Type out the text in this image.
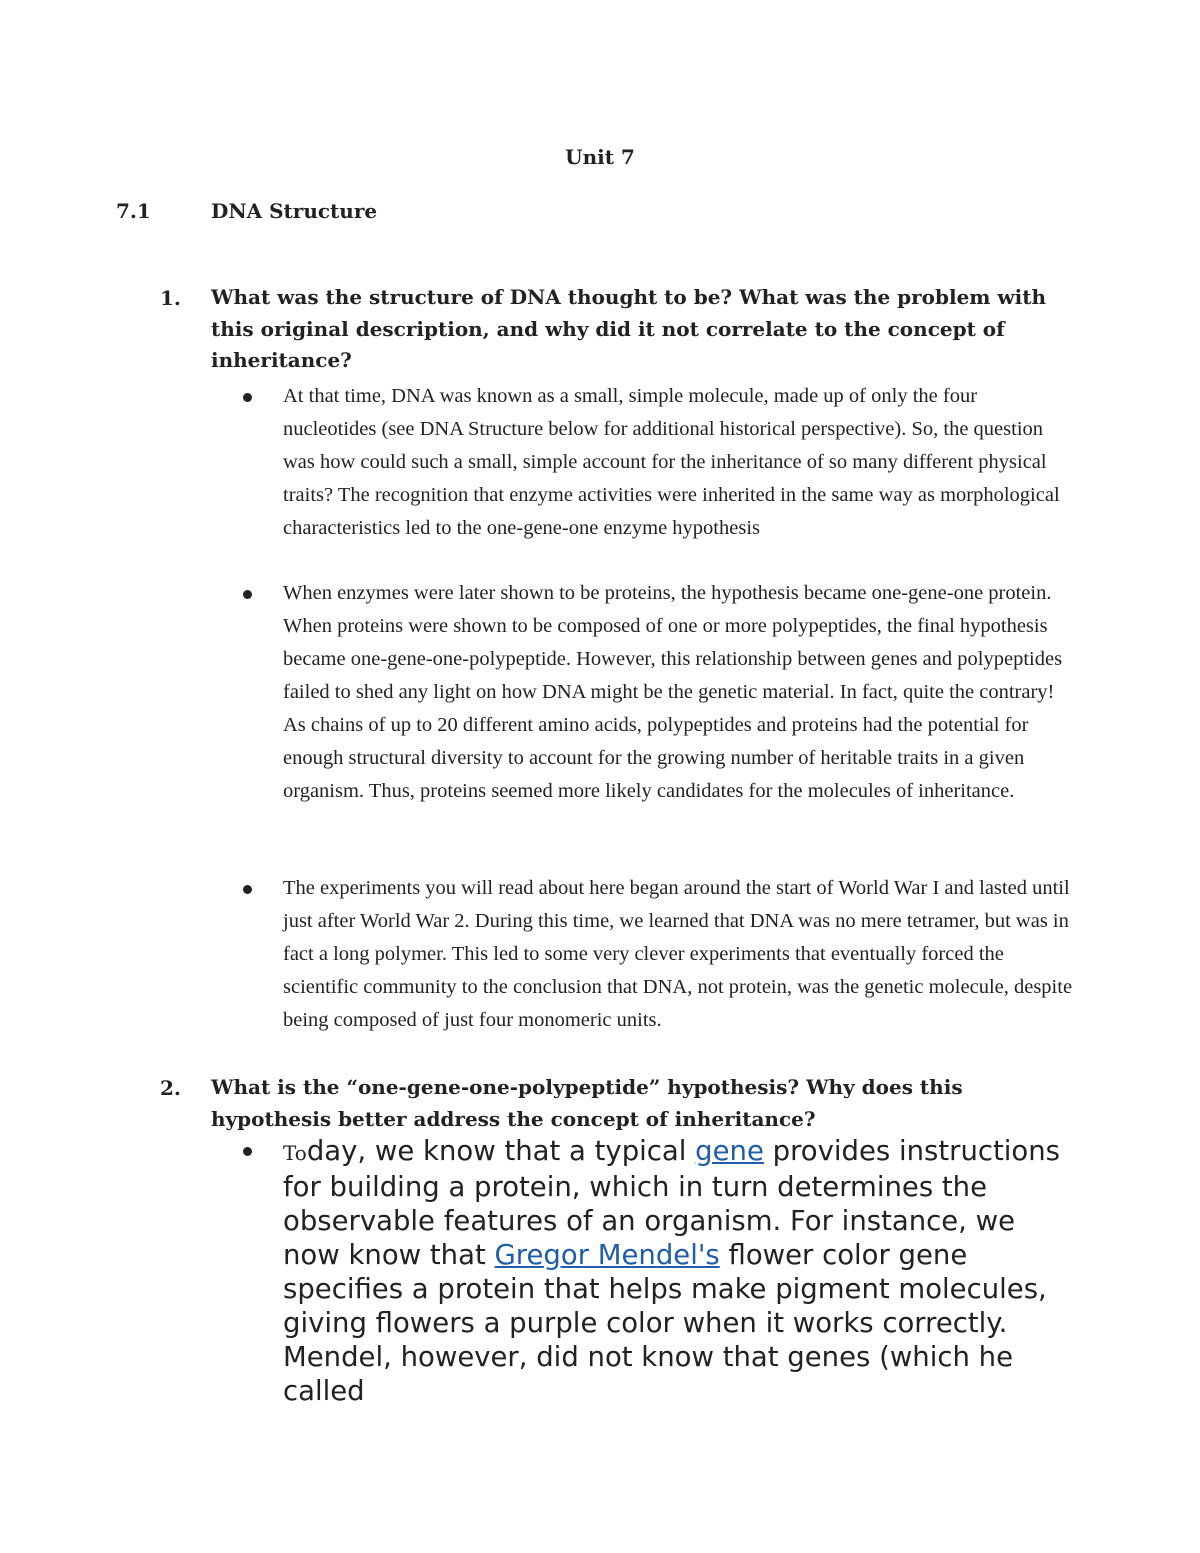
Unit 7
7.1	DNA Structure
1. What was the structure of DNA thought to be? What was the problem with this original description, and why did it not correlate to the concept of inheritance?
At that time, DNA was known as a small, simple molecule, made up of only the four nucleotides (see DNA Structure below for additional historical perspective). So, the question was how could such a small, simple account for the inheritance of so many different physical traits? The recognition that enzyme activities were inherited in the same way as morphological characteristics led to the one-gene-one enzyme hypothesis
When enzymes were later shown to be proteins, the hypothesis became one-gene-one protein. When proteins were shown to be composed of one or more polypeptides, the final hypothesis became one-gene-one-polypeptide. However, this relationship between genes and polypeptides failed to shed any light on how DNA might be the genetic material. In fact, quite the contrary! As chains of up to 20 different amino acids, polypeptides and proteins had the potential for enough structural diversity to account for the growing number of heritable traits in a given organism. Thus, proteins seemed more likely candidates for the molecules of inheritance.
The experiments you will read about here began around the start of World War I and lasted until just after World War 2. During this time, we learned that DNA was no mere tetramer, but was in fact a long polymer. This led to some very clever experiments that eventually forced the scientific community to the conclusion that DNA, not protein, was the genetic molecule, despite being composed of just four monomeric units.
2. What is the “one-gene-one-polypeptide” hypothesis? Why does this hypothesis better address the concept of inheritance?
Today, we know that a typical gene provides instructions for building a protein, which in turn determines the observable features of an organism. For instance, we now know that Gregor Mendel's flower color gene specifies a protein that helps make pigment molecules, giving flowers a purple color when it works correctly. Mendel, however, did not know that genes (which he called
